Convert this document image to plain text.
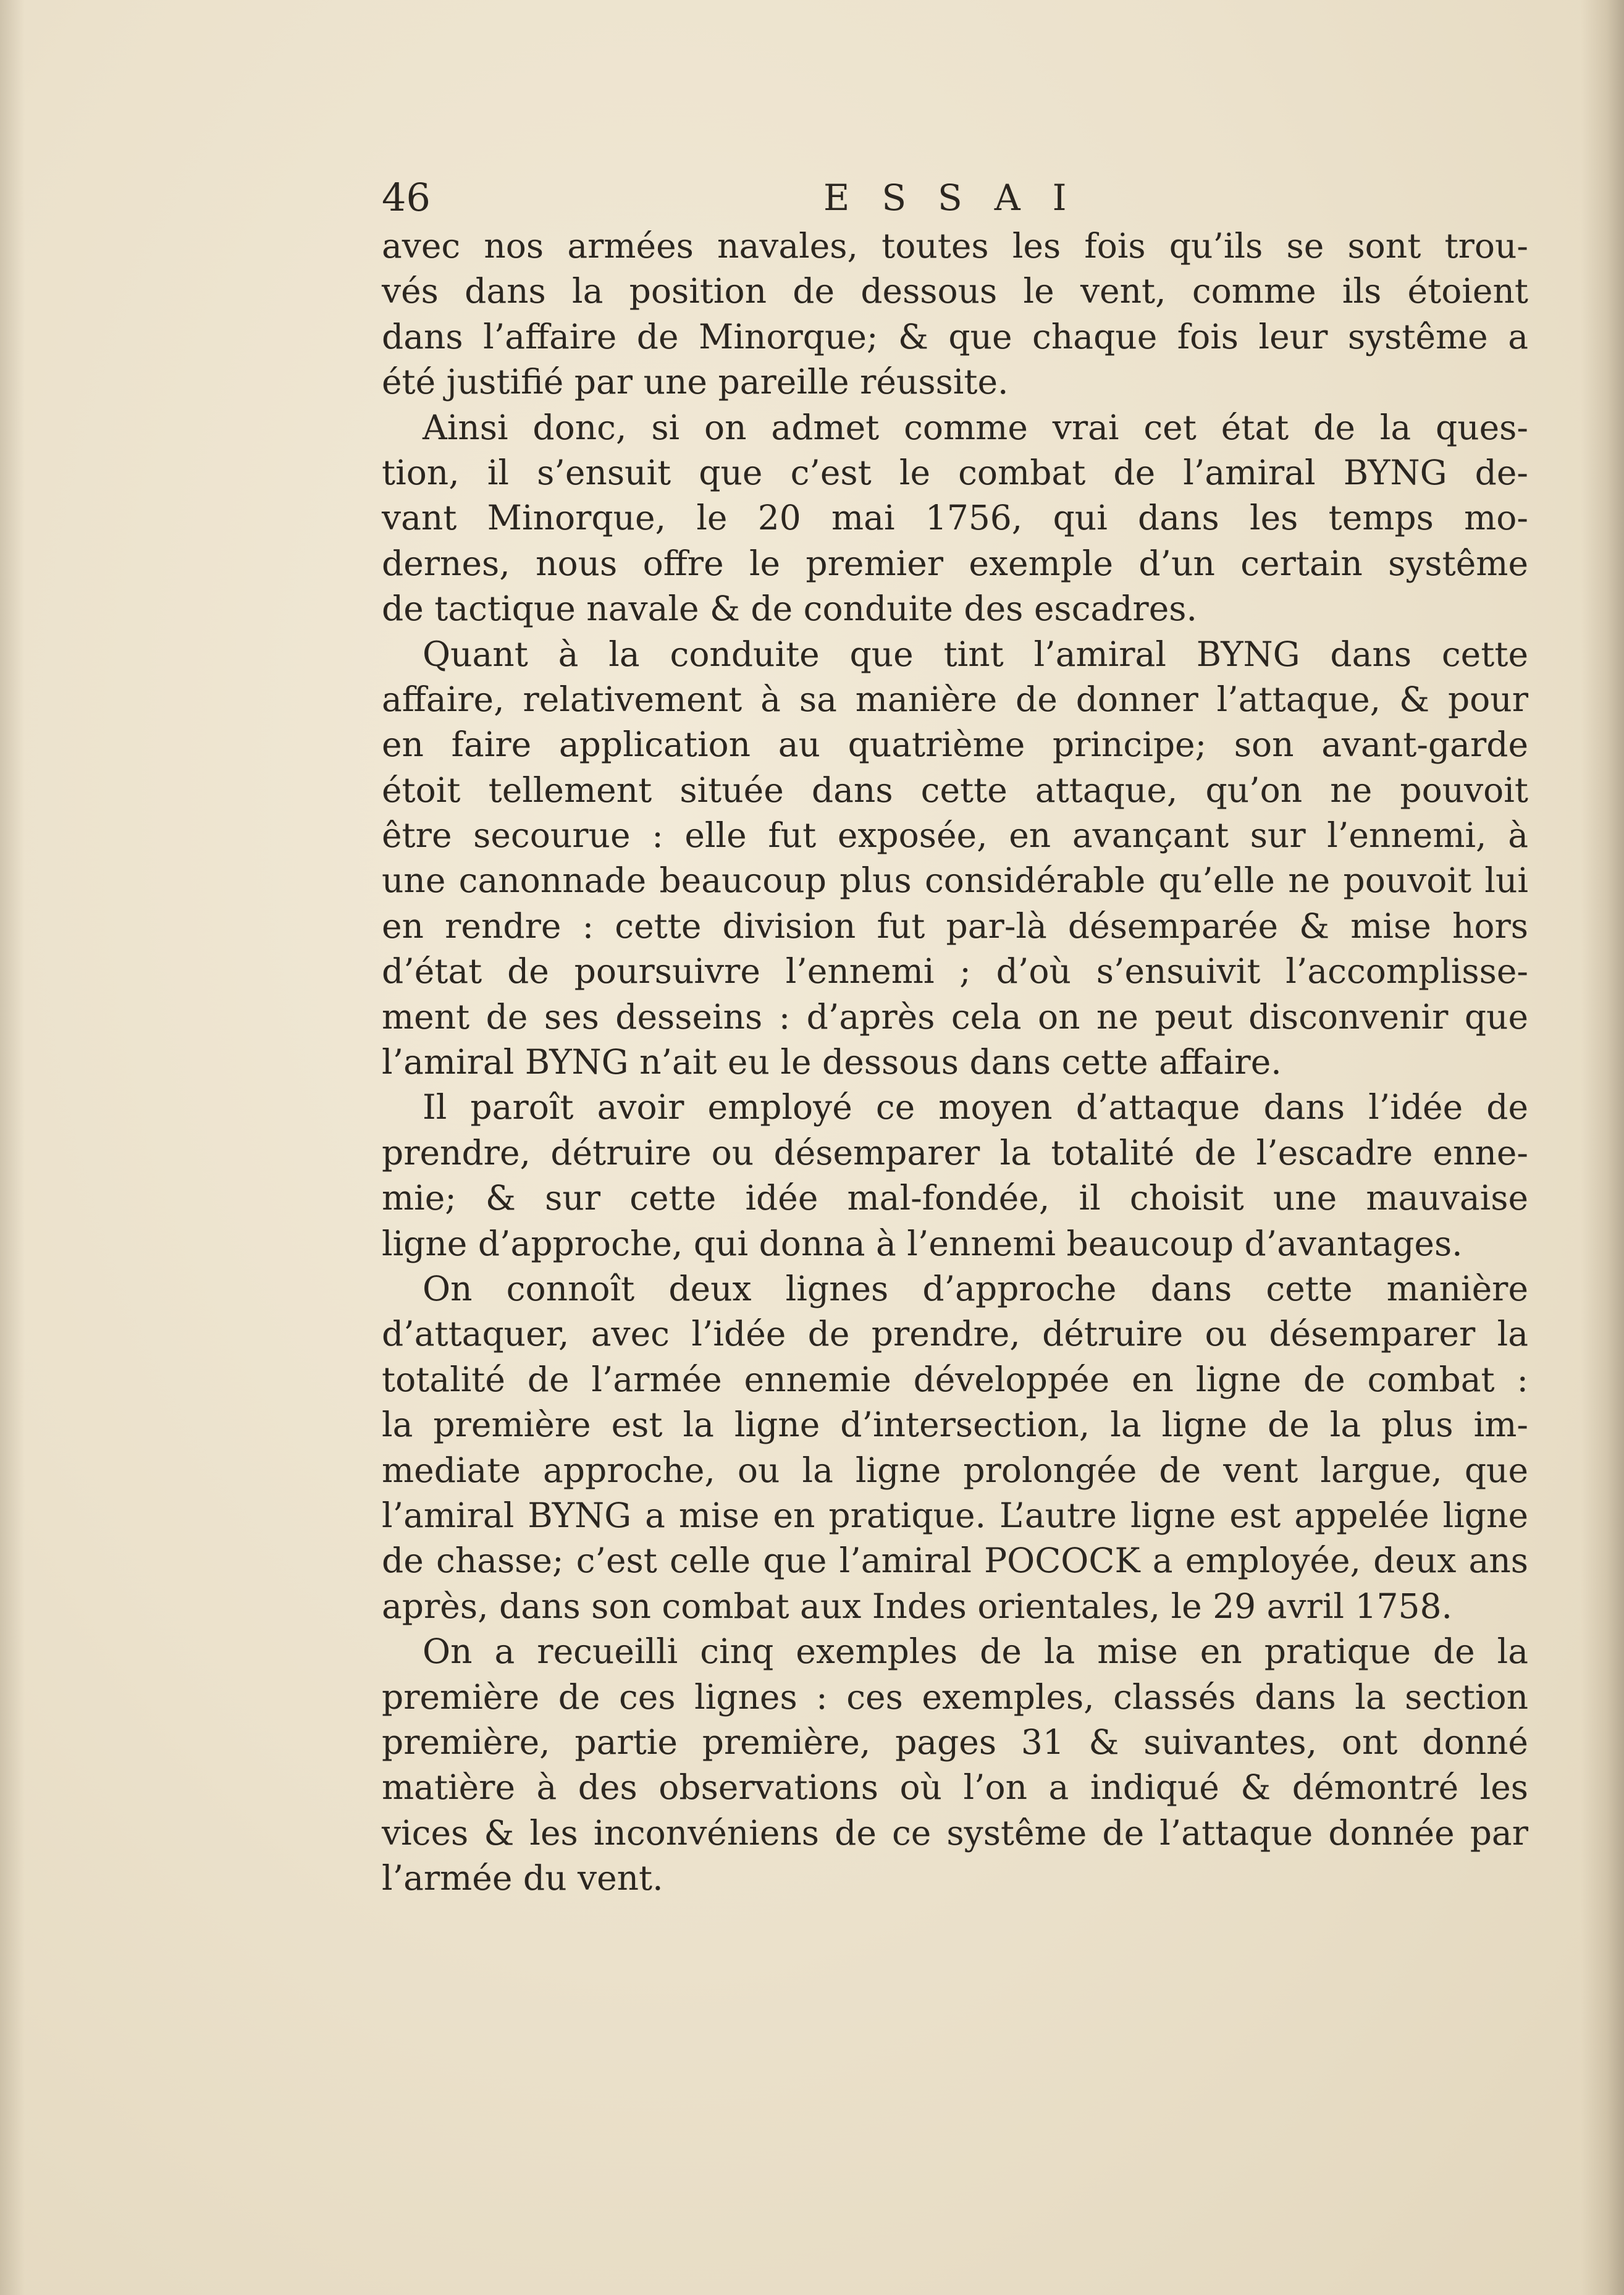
46	ESSAI
avec nos armées navales, toutes les fois qu’ils se sont trou-
vés dans la position de dessous le vent, comme ils étoient
dans l’affaire de Minorque; & que chaque fois leur systême a
été justifié par une pareille réussite.
Ainsi donc, si on admet comme vrai cet état de la ques-
tion, il s’ensuit que c’est le combat de l’amiral BYNG de-
vant Minorque, le 20 mai 1756, qui dans les temps mo-
dernes, nous offre le premier exemple d’un certain systême
de tactique navale & de conduite des escadres.
Quant à la conduite que tint l’amiral BYNG dans cette
affaire, relativement à sa manière de donner l’attaque, & pour
en faire application au quatrième principe; son avant-garde
étoit tellement située dans cette attaque, qu’on ne pouvoit
être secourue : elle fut exposée, en avançant sur l’ennemi, à
une canonnade beaucoup plus considérable qu’elle ne pouvoit lui
en rendre : cette division fut par-là désemparée & mise hors
d’état de poursuivre l’ennemi ; d’où s’ensuivit l’accomplisse-
ment de ses desseins : d’après cela on ne peut disconvenir que
l’amiral BYNG n’ait eu le dessous dans cette affaire.
Il paroît avoir employé ce moyen d’attaque dans l’idée de
prendre, détruire ou désemparer la totalité de l’escadre enne-
mie; & sur cette idée mal-fondée, il choisit une mauvaise
ligne d’approche, qui donna à l’ennemi beaucoup d’avantages.
On connoît deux lignes d’approche dans cette manière
d’attaquer, avec l’idée de prendre, détruire ou désemparer la
totalité de l’armée ennemie développée en ligne de combat :
la première est la ligne d’intersection, la ligne de la plus im-
mediate approche, ou la ligne prolongée de vent largue, que
l’amiral BYNG a mise en pratique. L’autre ligne est appelée ligne
de chasse; c’est celle que l’amiral POCOCK a employée, deux ans
après, dans son combat aux Indes orientales, le 29 avril 1758.
On a recueilli cinq exemples de la mise en pratique de la
première de ces lignes : ces exemples, classés dans la section
première, partie première, pages 31 & suivantes, ont donné
matière à des observations où l’on a indiqué & démontré les
vices & les inconvéniens de ce systême de l’attaque donnée par
l’armée du vent.
